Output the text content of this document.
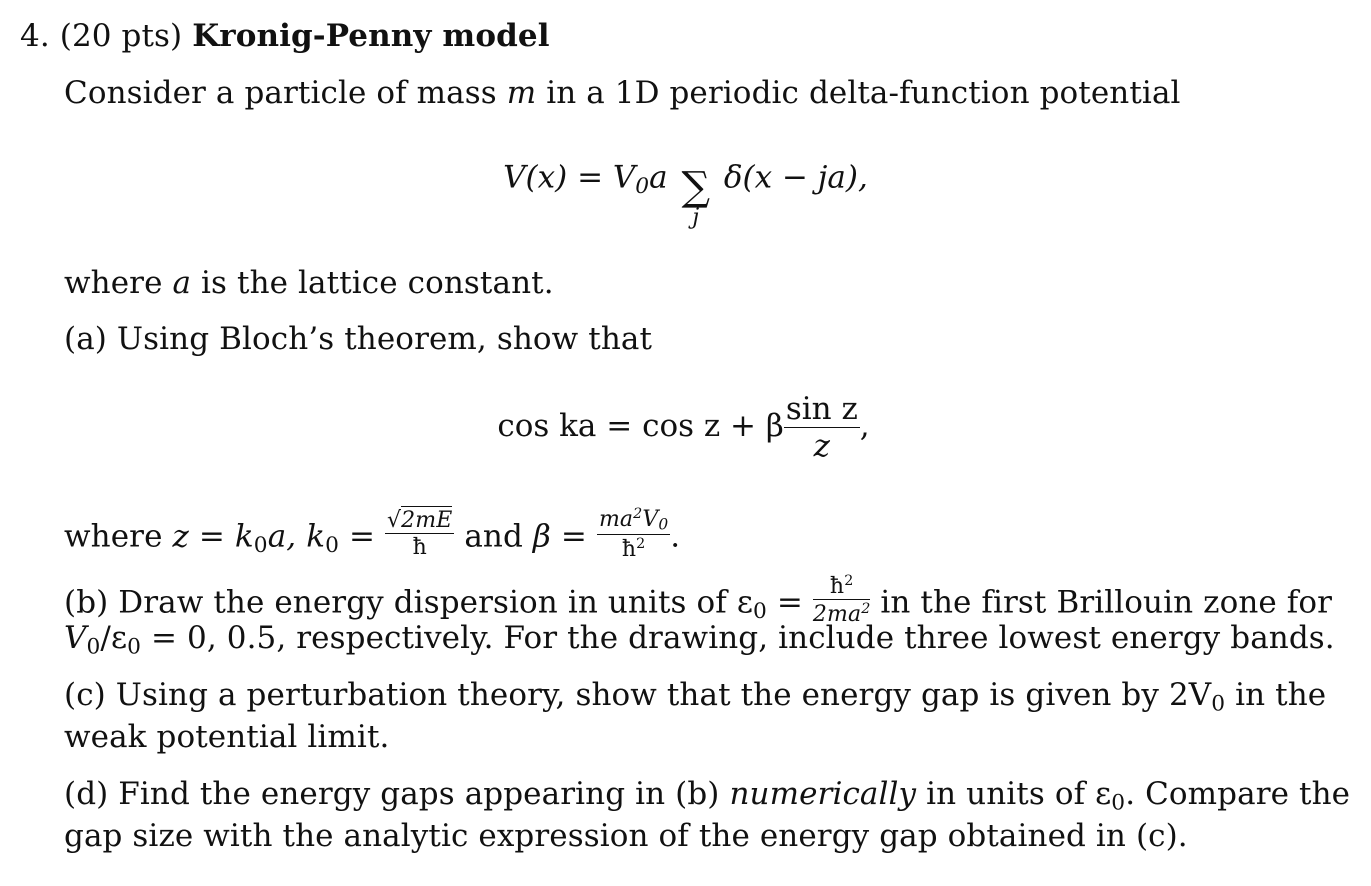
4. (20 pts) Kronig-Penny model
Consider a particle of mass m in a 1D periodic delta-function potential
$V(x) = V_0a$ ∑
j
δ(x − ja),
where a is the lattice constant.
(a) Using Bloch’s theorem, show that
cos ka = cos z + β $\frac{\text{sin z}}{z}$ ,
where $z = k_0a$, $k_0 = \frac{√2mE}{ħ}$ and $\beta = \frac{ma^2V_0}{ħ^2}$ .
(b) Draw the energy dispersion in units of $\varepsilon_0 = \frac{ħ^2}{2ma^2}$ in the first Brillouin zone for
$V_0/\varepsilon_0 = 0$, 0.5, respectively. For the drawing, include three lowest energy bands.
(c) Using a perturbation theory, show that the energy gap is given by $2V_0$ in the
weak potential limit.
(d) Find the energy gaps appearing in (b) numerically in units of $\varepsilon_0$. Compare the
gap size with the analytic expression of the energy gap obtained in (c).
